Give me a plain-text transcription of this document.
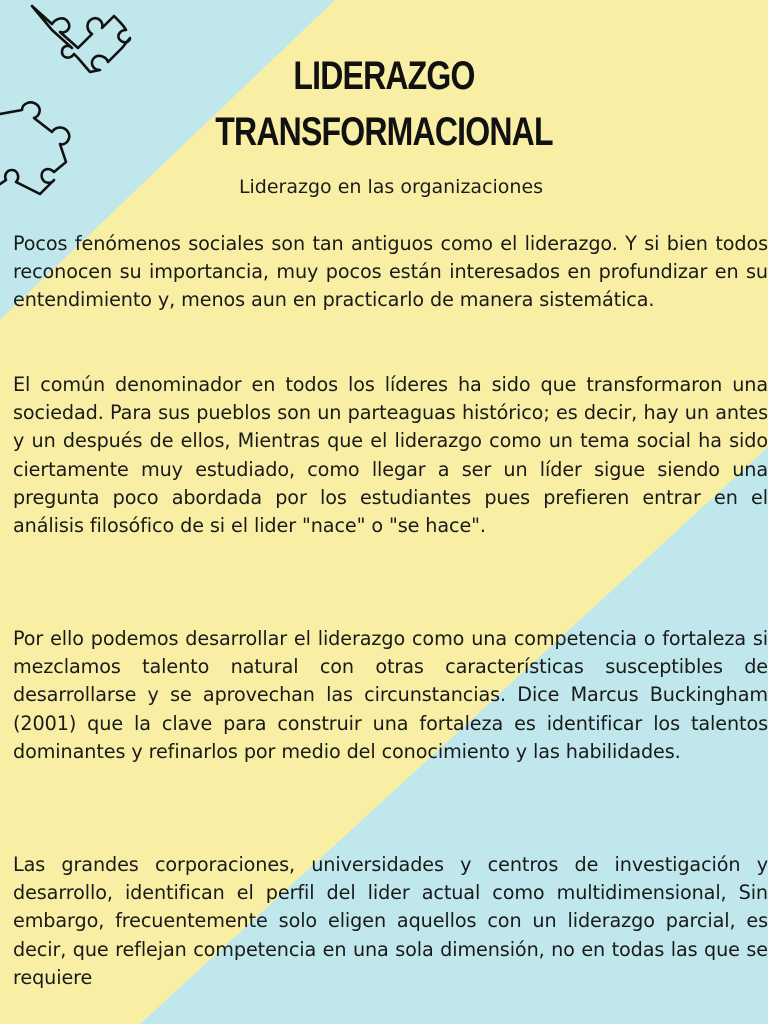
LIDERAZGO
TRANSFORMACIONAL
Liderazgo en las organizaciones

Pocos fenómenos sociales son tan antiguos como el liderazgo. Y si bien todos reconocen su importancia, muy pocos están interesados en profundizar en su entendimiento y, menos aun en practicarlo de manera sistemática.

El común denominador en todos los líderes ha sido que transformaron una sociedad. Para sus pueblos son un parteaguas histórico; es decir, hay un antes y un después de ellos, Mientras que el liderazgo como un tema social ha sido ciertamente muy estudiado, como llegar a ser un líder sigue siendo una pregunta poco abordada por los estudiantes pues prefieren entrar en el análisis filosófico de si el lider "nace" o "se hace".

Por ello podemos desarrollar el liderazgo como una competencia o fortaleza si mezclamos talento natural con otras características susceptibles de desarrollarse y se aprovechan las circunstancias. Dice Marcus Buckingham (2001) que la clave para construir una fortaleza es identificar los talentos dominantes y refinarlos por medio del conocimiento y las habilidades.

Las grandes corporaciones, universidades y centros de investigación y desarrollo, identifican el perfil del lider actual como multidimensional, Sin embargo, frecuentemente solo eligen aquellos con un liderazgo parcial, es decir, que reflejan competencia en una sola dimensión, no en todas las que se requiere
